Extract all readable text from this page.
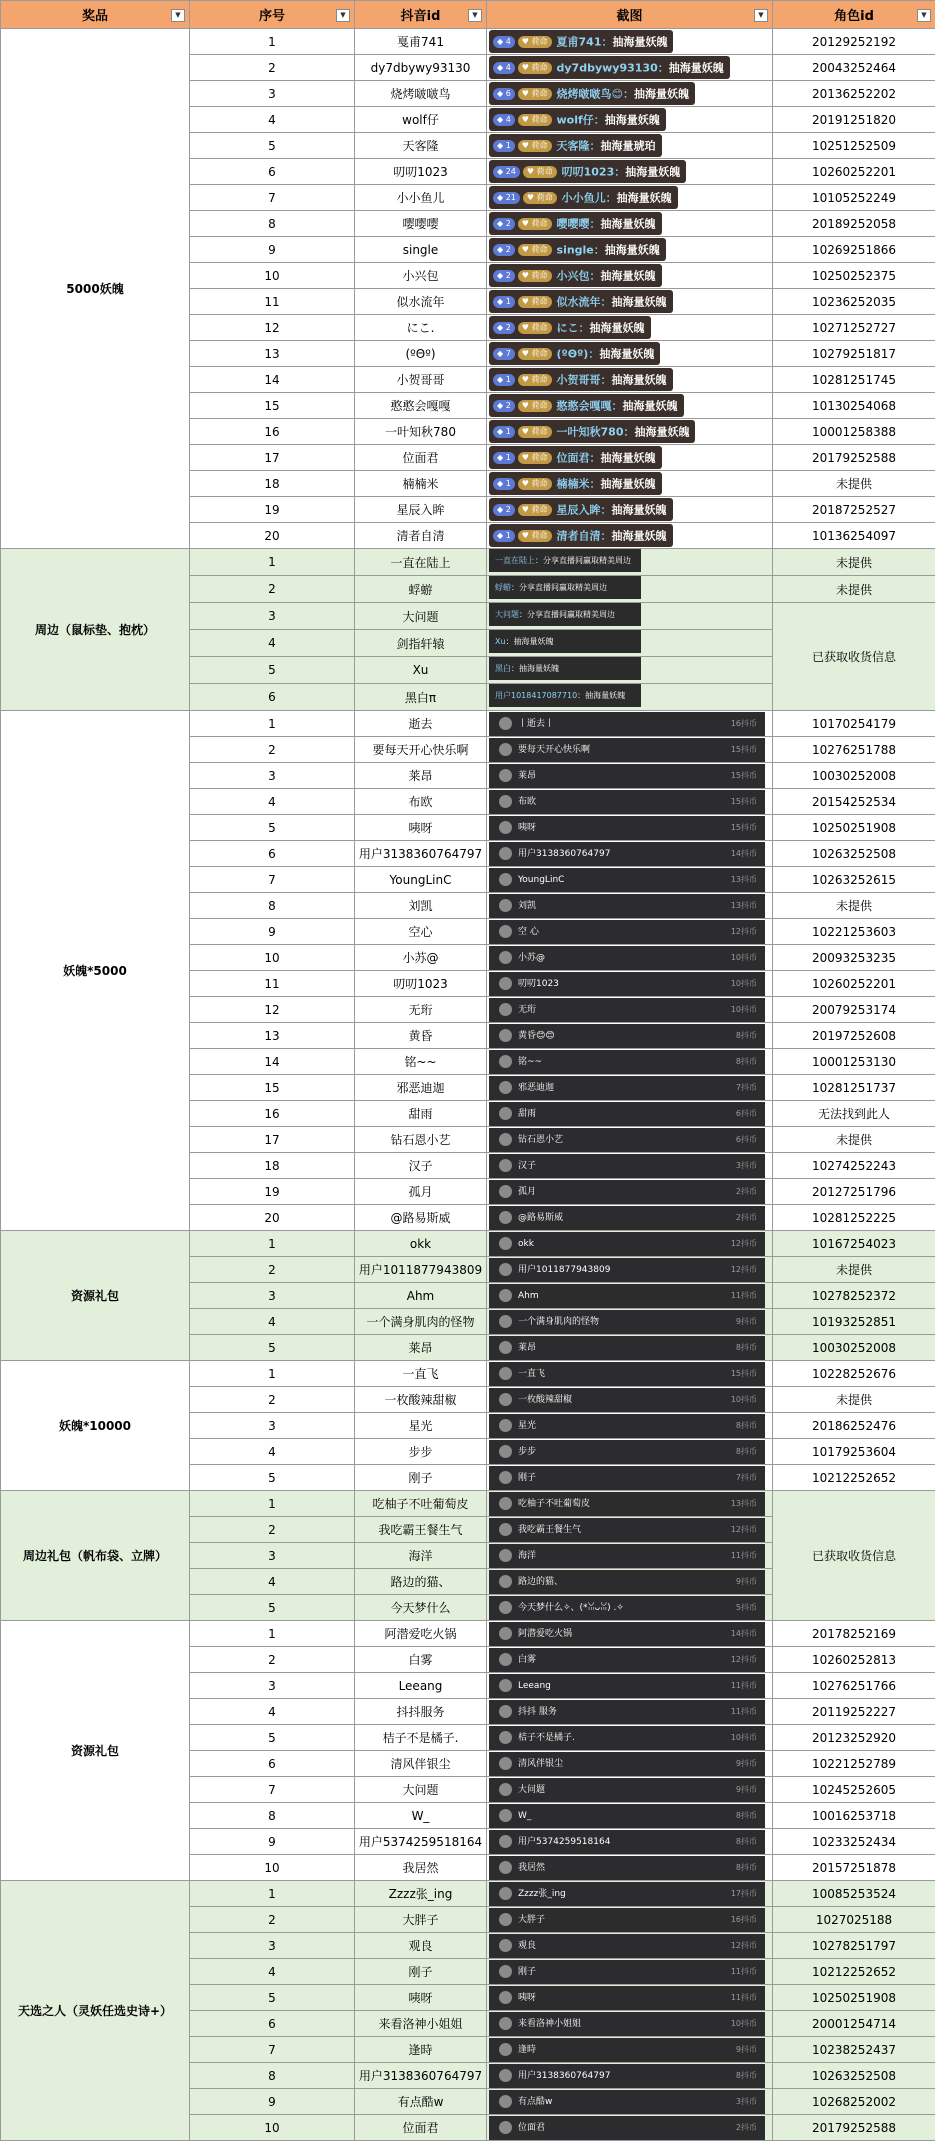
奖品 ▼	序号 ▼	抖音id ▼	截图 ▼	角色id ▼

5000妖魄	1	戛甫741	◆ 4 ♥ 荷命 夏甫741：抽海量妖魄	20129252192
	2	dy7dbywy93130	◆ 4 ♥ 荷命 dy7dbywy93130：抽海量妖魄	20043252464
	3	烧烤啵啵鸟	◆ 6 ♥ 荷命 烧烤啵啵鸟😊：抽海量妖魄	20136252202
	4	wolf仔	◆ 4 ♥ 荷命 wolf仔：抽海量妖魄	20191251820
	5	天客隆	◆ 1 ♥ 荷命 天客隆：抽海量琥珀	10251252509
	6	叨叨1023	◆ 24 ♥ 荷命 叨叨1023：抽海量妖魄	10260252201
	7	小小鱼儿	◆ 21 ♥ 荷命 小小鱼儿：抽海量妖魄	10105252249
	8	嘤嘤嘤	◆ 2 ♥ 荷命 嘤嘤嘤：抽海量妖魄	20189252058
	9	single	◆ 2 ♥ 荷命 single：抽海量妖魄	10269251866
	10	小兴包	◆ 2 ♥ 荷命 小兴包：抽海量妖魄	10250252375
	11	似水流年	◆ 1 ♥ 荷命 似水流年：抽海量妖魄	10236252035
	12	にこ.	◆ 2 ♥ 荷命 にこ：抽海量妖魄	10271252727
	13	(ºΘº)	◆ 7 ♥ 荷命 (ºΘº)：抽海量妖魄	10279251817
	14	小贺哥哥	◆ 1 ♥ 荷命 小贺哥哥：抽海量妖魄	10281251745
	15	憨憨会嘎嘎	◆ 2 ♥ 荷命 憨憨会嘎嘎：抽海量妖魄	10130254068
	16	一叶知秋780	◆ 1 ♥ 荷命 一叶知秋780：抽海量妖魄	10001258388
	17	位面君	◆ 1 ♥ 荷命 位面君：抽海量妖魄	20179252588
	18	楠楠米	◆ 1 ♥ 荷命 楠楠米：抽海量妖魄	未提供
	19	星辰入眸	◆ 2 ♥ 荷命 星辰入眸：抽海量妖魄	20187252527
	20	清者自清	◆ 1 ♥ 荷命 清者自清：抽海量妖魄	10136254097
周边（鼠标垫、抱枕）	1	一直在陆上	一直在陆上：分享直播间赢取精美周边	未提供
	2	蜉蝣	蜉蝣：分享直播间赢取精美周边	未提供
	3	大问题	大问题：分享直播间赢取精美周边	已获取收货信息
	4	剑指轩辕	Xu：抽海量妖魄	
	5	Xu	黑白：抽海量妖魄	
	6	黑白π	用户1018417087710：抽海量妖魄	
妖魄*5000	1	逝去	丨逝去丨 16抖币	10170254179
	2	要每天开心快乐啊	要每天开心快乐啊 15抖币	10276251788
	3	莱昂	莱昂 15抖币	10030252008
	4	布欧	布欧 15抖币	20154252534
	5	咦呀	咦呀 15抖币	10250251908
	6	用户3138360764797	用户3138360764797 14抖币	10263252508
	7	YoungLinC	YoungLinC 13抖币	10263252615
	8	刘凯	刘凯 13抖币	未提供
	9	空心	空 心 12抖币	10221253603
	10	小苏@	小苏@ 10抖币	20093253235
	11	叨叨1023	叨叨1023 10抖币	10260252201
	12	无珩	无珩 10抖币	20079253174
	13	黄昏	黄昏😊😊 8抖币	20197252608
	14	铭~~	铭~~ 8抖币	10001253130
	15	邪恶迪迦	邪恶迪迦 7抖币	10281251737
	16	甜雨	甜雨 6抖币	无法找到此人
	17	钻石恩小艺	钻石恩小艺 6抖币	未提供
	18	汉子	汉子 3抖币	10274252243
	19	孤月	孤月 2抖币	20127251796
	20	@路易斯威	@路易斯威 2抖币	10281252225
资源礼包	1	okk	okk 12抖币	10167254023
	2	用户1011877943809	用户1011877943809 12抖币	未提供
	3	Ahm	Ahm 11抖币	10278252372
	4	一个满身肌肉的怪物	一个满身肌肉的怪物 9抖币	10193252851
	5	莱昂	莱昂 8抖币	10030252008
妖魄*10000	1	一直飞	一直飞 15抖币	10228252676
	2	一枚酸辣甜椒	一枚酸辣甜椒 10抖币	未提供
	3	星光	星光 8抖币	20186252476
	4	步步	步步 8抖币	10179253604
	5	刚子	刚子 7抖币	10212252652
周边礼包（帆布袋、立牌）	1	吃柚子不吐葡萄皮	吃柚子不吐葡萄皮 13抖币	已获取收货信息
	2	我吃霸王餐生气	我吃霸王餐生气 12抖币	

	3	海洋	海洋 11抖币	

	4	路边的猫、	路边的猫、 9抖币	

	5	今天梦什么	今天梦什么✧、(*ꈍᴗꈍ) .✧ 5抖币	

资源礼包	1	阿潜爱吃火锅	阿潜爱吃火锅 14抖币	20178252169
	2	白雾	白雾 12抖币	10260252813
	3	Leeang	Leeang 11抖币	10276251766
	4	抖抖服务	抖抖 服务 11抖币	20119252227
	5	桔子不是橘子.	桔子不是橘子. 10抖币	20123252920
	6	清风伴银尘	清风伴银尘 9抖币	10221252789
	7	大问题	大问题 9抖币	10245252605
	8	W_	W_ 8抖币	10016253718
	9	用户5374259518164	用户5374259518164 8抖币	10233252434
	10	我居然	我居然 8抖币	20157251878
天选之人（灵妖任选史诗+）	1	Zzzz张_ing	Zzzz张_ing 17抖币	10085253524
	2	大胖子	大胖子 16抖币	1027025188
	3	观良	观良 12抖币	10278251797
	4	刚子	刚子 11抖币	10212252652
	5	咦呀	咦呀 11抖币	10250251908
	6	来看洛神小姐姐	来看洛神小姐姐 10抖币	20001254714
	7	逢時	逢時 9抖币	10238252437
	8	用户3138360764797	用户3138360764797 8抖币	10263252508
	9	有点酷w	有点酷w 3抖币	10268252002
	10	位面君	位面君 2抖币	20179252588
